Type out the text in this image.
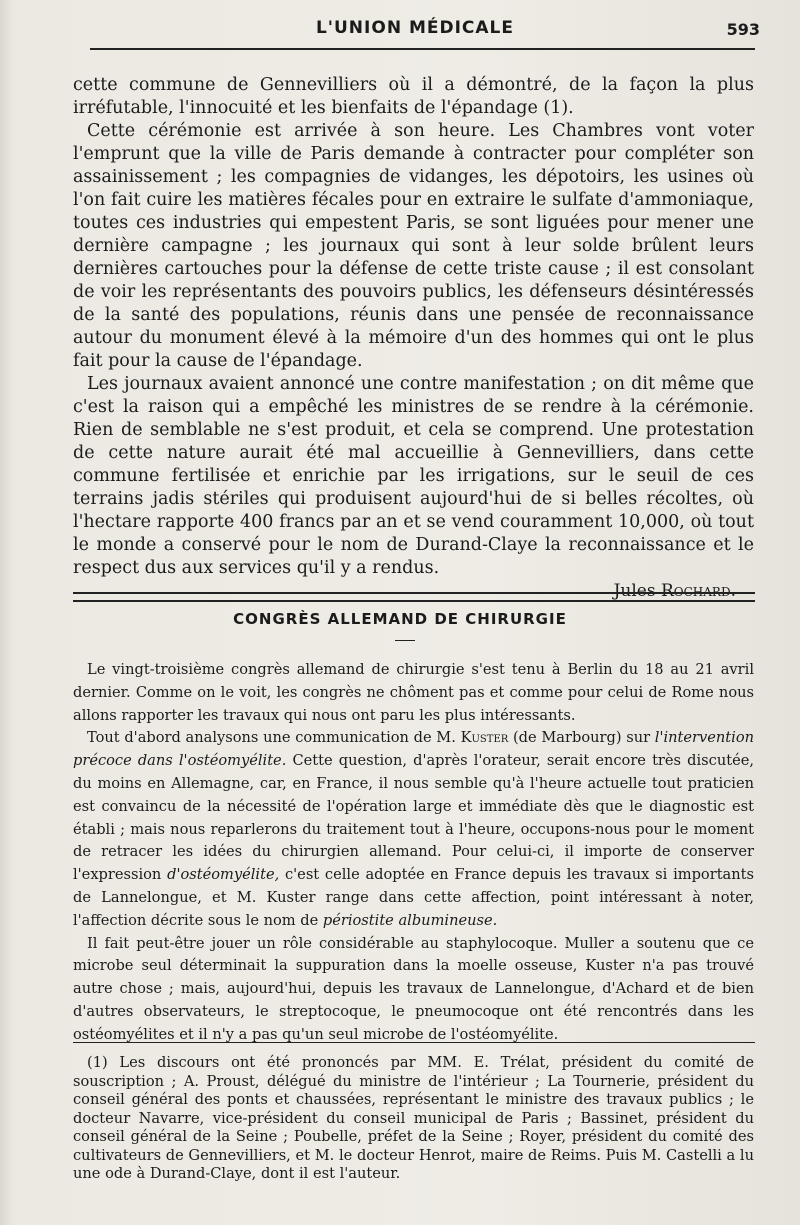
L'UNION MÉDICALE	593

cette commune de Gennevilliers où il a démontré, de la façon la plus irréfutable, l'innocuité et les bienfaits de l'épandage (1).

Cette cérémonie est arrivée à son heure. Les Chambres vont voter l'emprunt que la ville de Paris demande à contracter pour compléter son assainissement ; les compagnies de vidanges, les dépotoirs, les usines où l'on fait cuire les matières fécales pour en extraire le sulfate d'ammoniaque, toutes ces industries qui empestent Paris, se sont liguées pour mener une dernière campagne ; les journaux qui sont à leur solde brûlent leurs dernières cartouches pour la défense de cette triste cause ; il est consolant de voir les représentants des pouvoirs publics, les défenseurs désintéressés de la santé des populations, réunis dans une pensée de reconnaissance autour du monument élevé à la mémoire d'un des hommes qui ont le plus fait pour la cause de l'épandage.

Les journaux avaient annoncé une contre manifestation ; on dit même que c'est la raison qui a empêché les ministres de se rendre à la cérémonie. Rien de semblable ne s'est produit, et cela se comprend. Une protestation de cette nature aurait été mal accueillie à Gennevilliers, dans cette commune fertilisée et enrichie par les irrigations, sur le seuil de ces terrains jadis stériles qui produisent aujourd'hui de si belles récoltes, où l'hectare rapporte 400 francs par an et se vend couramment 10,000, où tout le monde a conservé pour le nom de Durand-Claye la reconnaissance et le respect dus aux services qu'il y a rendus.

Jules Rochard.
CONGRÈS ALLEMAND DE CHIRURGIE

Le vingt-troisième congrès allemand de chirurgie s'est tenu à Berlin du 18 au 21 avril dernier. Comme on le voit, les congrès ne chôment pas et comme pour celui de Rome nous allons rapporter les travaux qui nous ont paru les plus intéressants.

Tout d'abord analysons une communication de M. Kuster (de Marbourg) sur l'intervention précoce dans l'ostéomyélite. Cette question, d'après l'orateur, serait encore très discutée, du moins en Allemagne, car, en France, il nous semble qu'à l'heure actuelle tout praticien est convaincu de la nécessité de l'opération large et immédiate dès que le diagnostic est établi ; mais nous reparlerons du traitement tout à l'heure, occupons-nous pour le moment de retracer les idées du chirurgien allemand. Pour celui-ci, il importe de conserver l'expression d'ostéomyélite, c'est celle adoptée en France depuis les travaux si importants de Lannelongue, et M. Kuster range dans cette affection, point intéressant à noter, l'affection décrite sous le nom de périostite albumineuse.

Il fait peut-être jouer un rôle considérable au staphylocoque. Muller a soutenu que ce microbe seul déterminait la suppuration dans la moelle osseuse, Kuster n'a pas trouvé autre chose ; mais, aujourd'hui, depuis les travaux de Lannelongue, d'Achard et de bien d'autres observateurs, le streptocoque, le pneumocoque ont été rencontrés dans les ostéomyélites et il n'y a pas qu'un seul microbe de l'ostéomyélite.

(1) Les discours ont été prononcés par MM. E. Trélat, président du comité de souscription ; A. Proust, délégué du ministre de l'intérieur ; La Tournerie, président du conseil général des ponts et chaussées, représentant le ministre des travaux publics ; le docteur Navarre, vice-président du conseil municipal de Paris ; Bassinet, président du conseil général de la Seine ; Poubelle, préfet de la Seine ; Royer, président du comité des cultivateurs de Gennevilliers, et M. le docteur Henrot, maire de Reims. Puis M. Castelli a lu une ode à Durand-Claye, dont il est l'auteur.
